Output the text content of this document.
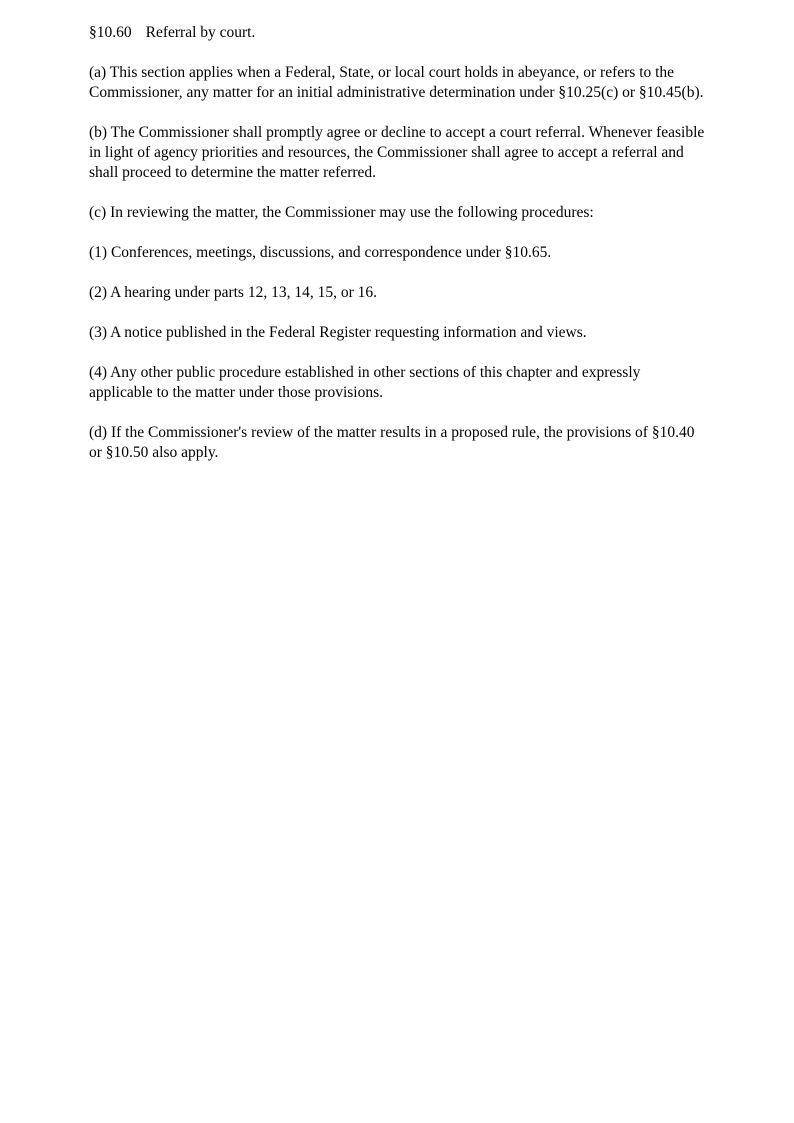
§10.60 Referral by court.

(a) This section applies when a Federal, State, or local court holds in abeyance, or refers to the Commissioner, any matter for an initial administrative determination under §10.25(c) or §10.45(b).

(b) The Commissioner shall promptly agree or decline to accept a court referral. Whenever feasible in light of agency priorities and resources, the Commissioner shall agree to accept a referral and shall proceed to determine the matter referred.

(c) In reviewing the matter, the Commissioner may use the following procedures:

(1) Conferences, meetings, discussions, and correspondence under §10.65.

(2) A hearing under parts 12, 13, 14, 15, or 16.

(3) A notice published in the Federal Register requesting information and views.

(4) Any other public procedure established in other sections of this chapter and expressly applicable to the matter under those provisions.

(d) If the Commissioner's review of the matter results in a proposed rule, the provisions of §10.40 or §10.50 also apply.
